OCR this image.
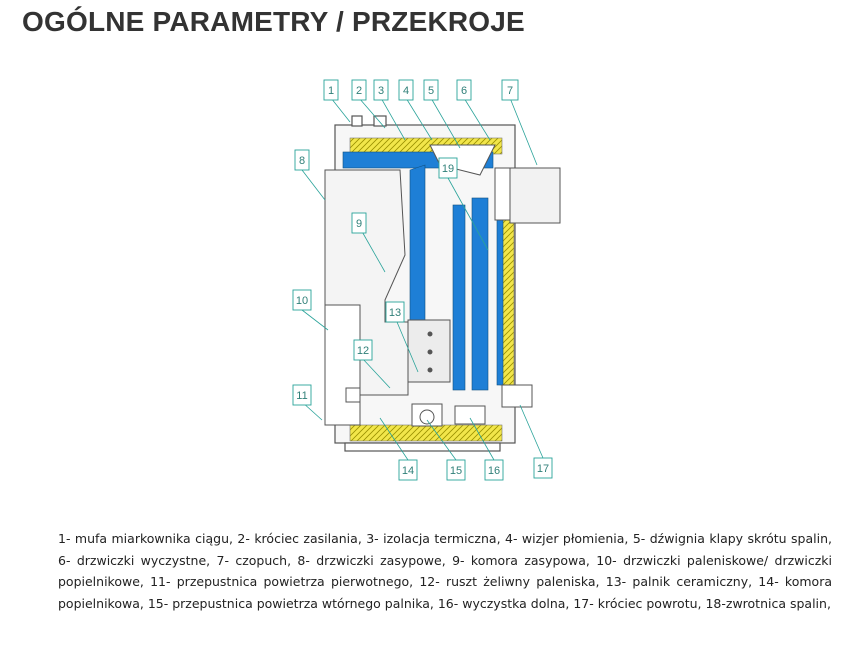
OGÓLNE PARAMETRY / PRZEKROJE
1 2 3 4 5 6	7
8
9
10
11
12
13
14	15 16	17
19

1- mufa miarkownika ciągu, 2- króciec zasilania, 3- izolacja termiczna, 4- wizjer płomienia, 5- dźwignia klapy skrótu spalin, 6- drzwiczki wyczystne, 7- czopuch, 8- drzwiczki zasypowe, 9- komora zasypowa, 10- drzwiczki paleniskowe/ drzwiczki popielnikowe, 11- przepustnica powietrza pierwotnego, 12- ruszt żeliwny paleniska, 13- palnik ceramiczny, 14- komora popielnikowa, 15- przepustnica powietrza wtórnego palnika, 16- wyczystka dolna, 17- króciec powrotu, 18-zwrotnica spalin,
